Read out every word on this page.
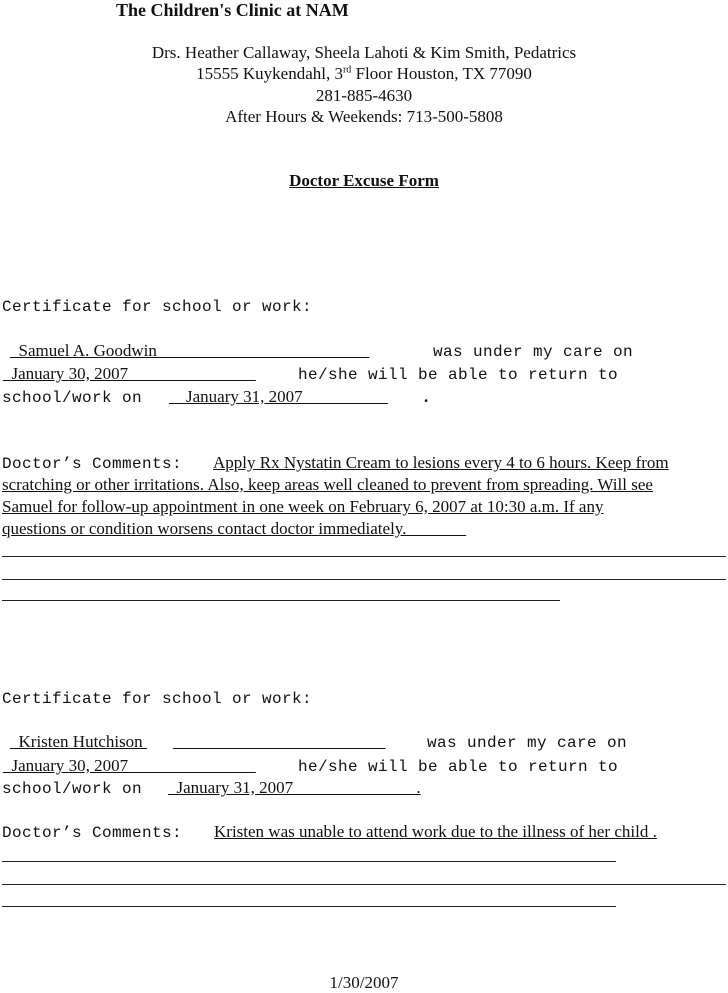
The Children's Clinic at NAM
Drs. Heather Callaway, Sheela Lahoti & Kim Smith, Pedatrics
15555 Kuykendahl, 3rd Floor Houston, TX 77090
281-885-4630
After Hours & Weekends: 713-500-5808
Doctor Excuse Form
Certificate for school or work:
_Samuel A. Goodwin_________________________	was under my care on
_January 30, 2007_______________	he/she will be able to return to
school/work on __January 31, 2007__________ .
Doctor’s Comments: Apply Rx Nystatin Cream to lesions every 4 to 6 hours. Keep from
scratching or other irritations. Also, keep areas well cleaned to prevent from spreading. Will see
Samuel for follow-up appointment in one week on February 6, 2007 at 10:30 a.m. If any
questions or condition worsens contact doctor immediately._______
Certificate for school or work:
_Kristen Hutchison _________________________	was under my care on
_January 30, 2007_______________	he/she will be able to return to
school/work on January 31, 2007       ___________.
Doctor’s Comments: Kristen was unable to attend work due to the illness of her child .
1/30/2007
